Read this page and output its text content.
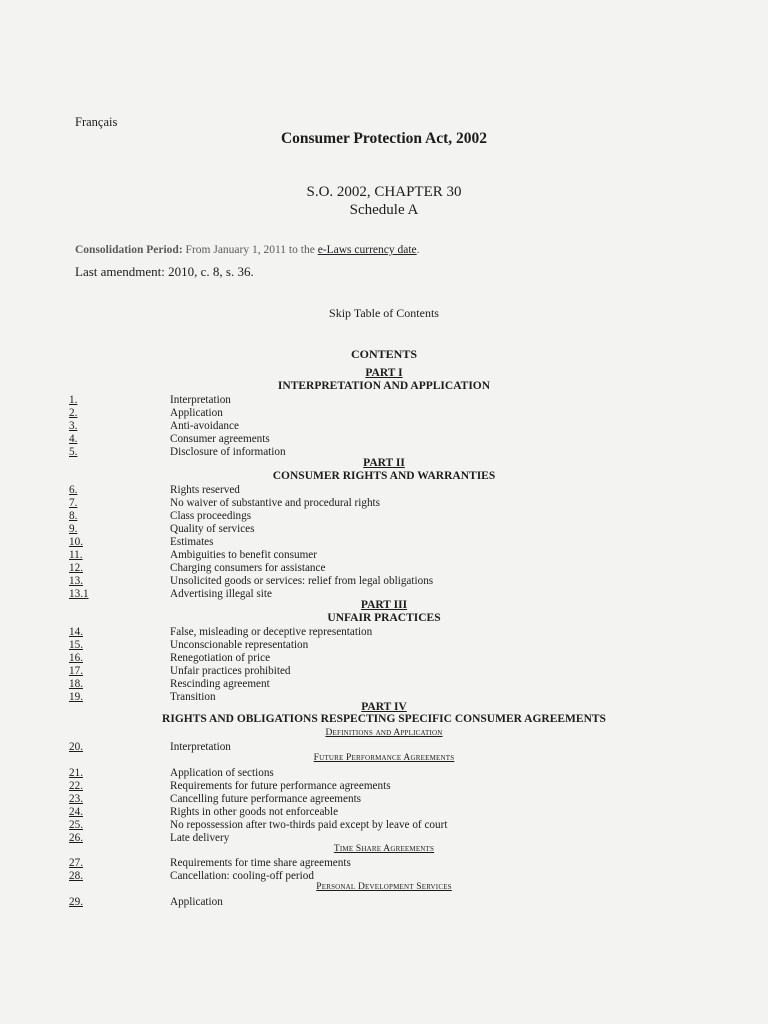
Français
Consumer Protection Act, 2002
S.O. 2002, CHAPTER 30
Schedule A
Consolidation Period: From January 1, 2011 to the e-Laws currency date.
Last amendment: 2010, c. 8, s. 36.
Skip Table of Contents
CONTENTS
PART I
INTERPRETATION AND APPLICATION
1.	Interpretation
2.	Application
3.	Anti-avoidance
4.	Consumer agreements
5.	Disclosure of information
PART II
CONSUMER RIGHTS AND WARRANTIES
6.	Rights reserved
7.	No waiver of substantive and procedural rights
8.	Class proceedings
9.	Quality of services
10.	Estimates
11.	Ambiguities to benefit consumer
12.	Charging consumers for assistance
13.	Unsolicited goods or services: relief from legal obligations
13.1	Advertising illegal site
PART III
UNFAIR PRACTICES
14.	False, misleading or deceptive representation
15.	Unconscionable representation
16.	Renegotiation of price
17.	Unfair practices prohibited
18.	Rescinding agreement
19.	Transition
PART IV
RIGHTS AND OBLIGATIONS RESPECTING SPECIFIC CONSUMER AGREEMENTS
Definitions and Application
20.	Interpretation
Future Performance Agreements
21.	Application of sections
22.	Requirements for future performance agreements
23.	Cancelling future performance agreements
24.	Rights in other goods not enforceable
25.	No repossession after two-thirds paid except by leave of court
26.	Late delivery
Time Share Agreements
27.	Requirements for time share agreements
28.	Cancellation: cooling-off period
Personal Development Services
29.	Application
